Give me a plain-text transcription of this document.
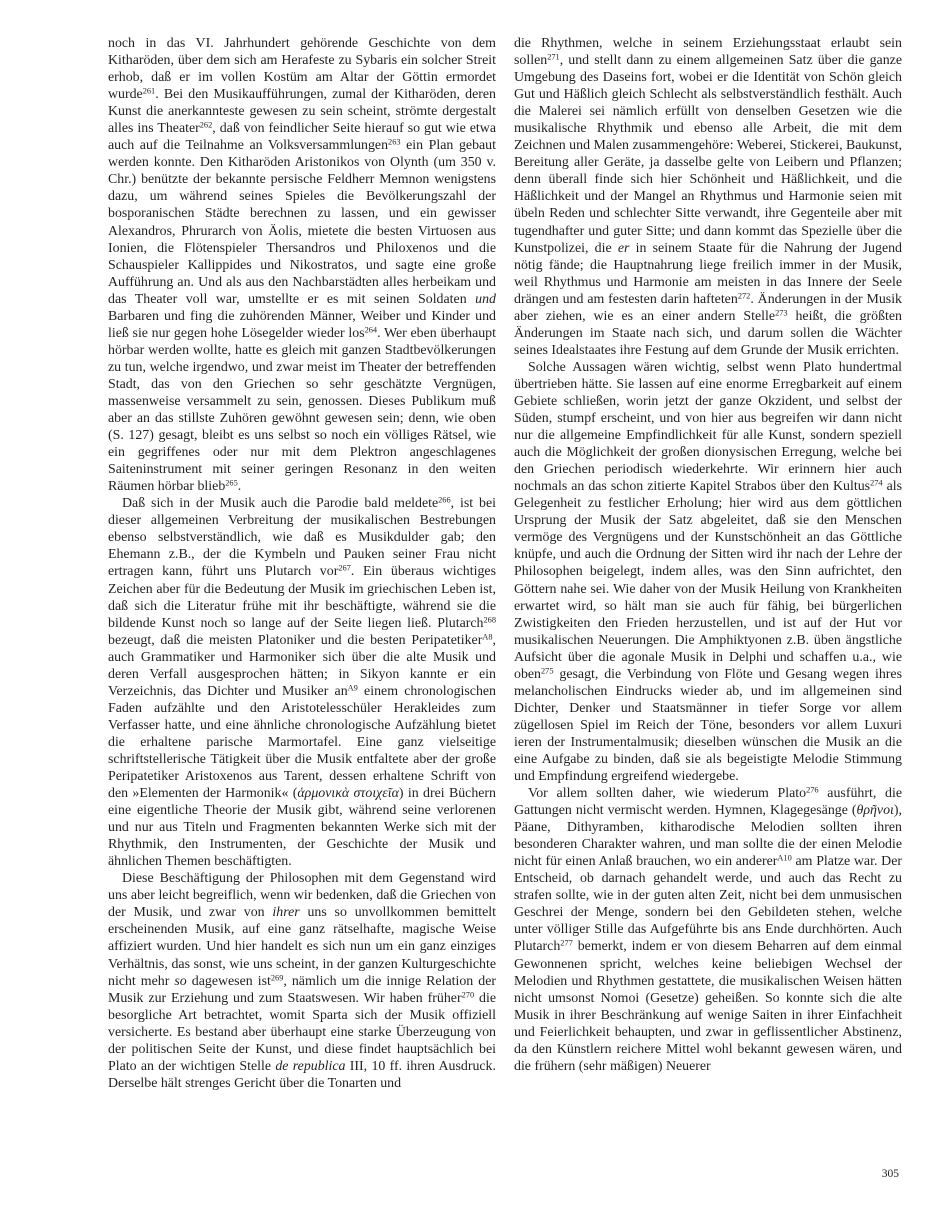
noch in das VI. Jahrhundert gehörende Geschichte von dem Kitharöden, über dem sich am Herafeste zu Sybaris ein solcher Streit erhob, daß er im vollen Kostüm am Altar der Göttin ermordet wurde$^{261}$. Bei den Musikaufführungen, zumal der Kitharöden, deren Kunst die anerkannteste gewesen zu sein scheint, strömte dergestalt alles ins Theater$^{262}$, daß von feindlicher Seite hierauf so gut wie etwa auch auf die Teilnahme an Volksversammlungen$^{263}$ ein Plan gebaut werden konnte. Den Kitharöden Aristonikos von Olynth (um 350 v. Chr.) benützte der bekannte persische Feldherr Memnon wenigstens dazu, um während seines Spieles die Bevölkerungszahl der bosporanischen Städte berechnen zu lassen, und ein gewisser Alexandros, Phrurarch von Äolis, mietete die besten Virtuosen aus Ionien, die Flötenspieler Thersandros und Philoxenos und die Schauspieler Kallippides und Nikostratos, und sagte eine große Aufführung an. Und als aus den Nachbarstädten alles herbeikam und das Theater voll war, umstellte er es mit seinen Soldaten und Barbaren und fing die zuhörenden Männer, Weiber und Kinder und ließ sie nur gegen hohe Lösegelder wieder los$^{264}$. Wer eben überhaupt hörbar werden wollte, hatte es gleich mit ganzen Stadtbevölkerungen zu tun, welche irgendwo, und zwar meist im Theater der betreffenden Stadt, das von den Griechen so sehr geschätzte Vergnügen, massenweise versammelt zu sein, genossen. Dieses Publikum muß aber an das stillste Zuhören gewöhnt gewesen sein; denn, wie oben (S. 127) gesagt, bleibt es uns selbst so noch ein völliges Rätsel, wie ein gegriffenes oder nur mit dem Plektron angeschlagenes Saiteninstrument mit seiner geringen Resonanz in den weiten Räumen hörbar blieb$^{265}$.

Daß sich in der Musik auch die Parodie bald meldete$^{266}$, ist bei dieser allgemeinen Verbreitung der musikalischen Bestrebungen ebenso selbstverständlich, wie daß es Musikdulder gab; den Ehemann z.B., der die Kymbeln und Pauken seiner Frau nicht ertragen kann, führt uns Plutarch vor$^{267}$. Ein überaus wichtiges Zeichen aber für die Bedeutung der Musik im griechischen Leben ist, daß sich die Literatur frühe mit ihr beschäftigte, während sie die bildende Kunst noch so lange auf der Seite liegen ließ. Plutarch$^{268}$ bezeugt, daß die meisten Platoniker und die besten Peripatetiker$^{A8}$, auch Grammatiker und Harmoniker sich über die alte Musik und deren Verfall ausgesprochen hätten; in Sikyon kannte er ein Verzeichnis, das Dichter und Musiker $an^{A9}$ einem chronologischen Faden aufzählte und den Aristotelesschüler Herakleides zum Verfasser hatte, und eine ähnliche chronologische Aufzählung bietet die erhaltene parische Marmortafel. Eine ganz vielseitige schriftstellerische Tätigkeit über die Musik entfaltete aber der große Peripatetiker Aristoxenos aus Tarent, dessen erhaltene Schrift von den »Elementen der Harmonik« (ἁρμονικὰ στοιχεῖα) in drei Büchern eine eigentliche Theorie der Musik gibt, während seine verlorenen und nur aus Titeln und Fragmenten bekannten Werke sich mit der Rhythmik, den Instrumenten, der Geschichte der Musik und ähnlichen Themen beschäftigten.

Diese Beschäftigung der Philosophen mit dem Gegenstand wird uns aber leicht begreiflich, wenn wir bedenken, daß die Griechen von der Musik, und zwar von ihrer uns so unvollkommen bemittelt erscheinenden Musik, auf eine ganz rätselhafte, magische Weise affiziert wurden. Und hier handelt es sich nun um ein ganz einziges Verhältnis, das sonst, wie uns scheint, in der ganzen Kulturgeschichte nicht mehr so dagewesen ist$^{269}$, nämlich um die innige Relation der Musik zur Erziehung und zum Staatswesen. Wir haben früher$^{270}$ die besorgliche Art betrachtet, womit Sparta sich der Musik offiziell versicherte. Es bestand aber überhaupt eine starke Überzeugung von der politischen Seite der Kunst, und diese findet hauptsächlich bei Plato an der wichtigen Stelle de republica III, 10 ff. ihren Ausdruck. Derselbe hält strenges Gericht über die Tonarten und

die Rhythmen, welche in seinem Erziehungsstaat erlaubt sein sollen$^{271}$, und stellt dann zu einem allgemeinen Satz über die ganze Umgebung des Daseins fort, wobei er die Identität von Schön gleich Gut und Häßlich gleich Schlecht als selbstverständlich festhält. Auch die Malerei sei nämlich erfüllt von denselben Gesetzen wie die musikalische Rhythmik und ebenso alle Arbeit, die mit dem Zeichnen und Malen zusammengehöre: Weberei, Stickerei, Baukunst, Bereitung aller Geräte, ja dasselbe gelte von Leibern und Pflanzen; denn überall finde sich hier Schönheit und Häßlichkeit, und die Häßlichkeit und der Mangel an Rhythmus und Harmonie seien mit übeln Reden und schlechter Sitte verwandt, ihre Gegenteile aber mit tugendhafter und guter Sitte; und dann kommt das Spezielle über die Kunstpolizei, die er in seinem Staate für die Nahrung der Jugend nötig fände; die Hauptnahrung liege freilich immer in der Musik, weil Rhythmus und Harmonie am meisten in das Innere der Seele drängen und am festesten darin hafteten$^{272}$. Änderungen in der Musik aber ziehen, wie es an einer andern Stelle$^{273}$ heißt, die größten Änderungen im Staate nach sich, und darum sollen die Wächter seines Idealstaates ihre Festung auf dem Grunde der Musik errichten.

Solche Aussagen wären wichtig, selbst wenn Plato hundertmal übertrieben hätte. Sie lassen auf eine enorme Erregbarkeit auf einem Gebiete schließen, worin jetzt der ganze Okzident, und selbst der Süden, stumpf erscheint, und von hier aus begreifen wir dann nicht nur die allgemeine Empfindlichkeit für alle Kunst, sondern speziell auch die Möglichkeit der großen dionysischen Erregung, welche bei den Griechen periodisch wiederkehrte. Wir erinnern hier auch nochmals an das schon zitierte Kapitel Strabos über den Kultus$^{274}$ als Gelegenheit zu festlicher Erholung; hier wird aus dem göttlichen Ursprung der Musik der Satz abgeleitet, daß sie den Menschen vermöge des Vergnügens und der Kunstschönheit an das Göttliche knüpfe, und auch die Ordnung der Sitten wird ihr nach der Lehre der Philosophen beigelegt, indem alles, was den Sinn aufrichtet, den Göttern nahe sei. Wie daher von der Musik Heilung von Krankheiten erwartet wird, so hält man sie auch für fähig, bei bürgerlichen Zwistigkeiten den Frieden herzustellen, und ist auf der Hut vor musikalischen Neuerungen. Die Amphiktyonen z.B. üben ängstliche Aufsicht über die agonale Musik in Delphi und schaffen u.a., wie oben$^{275}$ gesagt, die Verbindung von Flöte und Gesang wegen ihres melancholischen Eindrucks wieder ab, und im allgemeinen sind Dichter, Denker und Staatsmänner in tiefer Sorge vor allem zügellosen Spiel im Reich der Töne, besonders vor allem Luxuri ieren der Instrumentalmusik; dieselben wünschen die Musik an die eine Aufgabe zu binden, daß sie als begeistigte Melodie Stimmung und Empfindung ergreifend wiedergebe.

Vor allem sollten daher, wie wiederum Plato$^{276}$ ausführt, die Gattungen nicht vermischt werden. Hymnen, Klagegesänge (θρῆνοι), Päane, Dithyramben, kitharodische Melodien sollten ihren besonderen Charakter wahren, und man sollte die der einen Melodie nicht für einen Anlaß brauchen, wo ein anderer$^{A10}$ am Platze war. Der Entscheid, ob darnach gehandelt werde, und auch das Recht zu strafen sollte, wie in der guten alten Zeit, nicht bei dem unmusischen Geschrei der Menge, sondern bei den Gebildeten stehen, welche unter völliger Stille das Aufgeführte bis ans Ende durchhörten. Auch Plutarch$^{277}$ bemerkt, indem er von diesem Beharren auf dem einmal Gewonnenen spricht, welches keine beliebigen Wechsel der Melodien und Rhythmen gestattete, die musikalischen Weisen hätten nicht umsonst Nomoi (Gesetze) geheißen. So konnte sich die alte Musik in ihrer Beschränkung auf wenige Saiten in ihrer Einfachheit und Feierlichkeit behaupten, und zwar in geflissentlicher Abstinenz, da den Künstlern reichere Mittel wohl bekannt gewesen wären, und die frühern (sehr mäßigen) Neuerer

305
